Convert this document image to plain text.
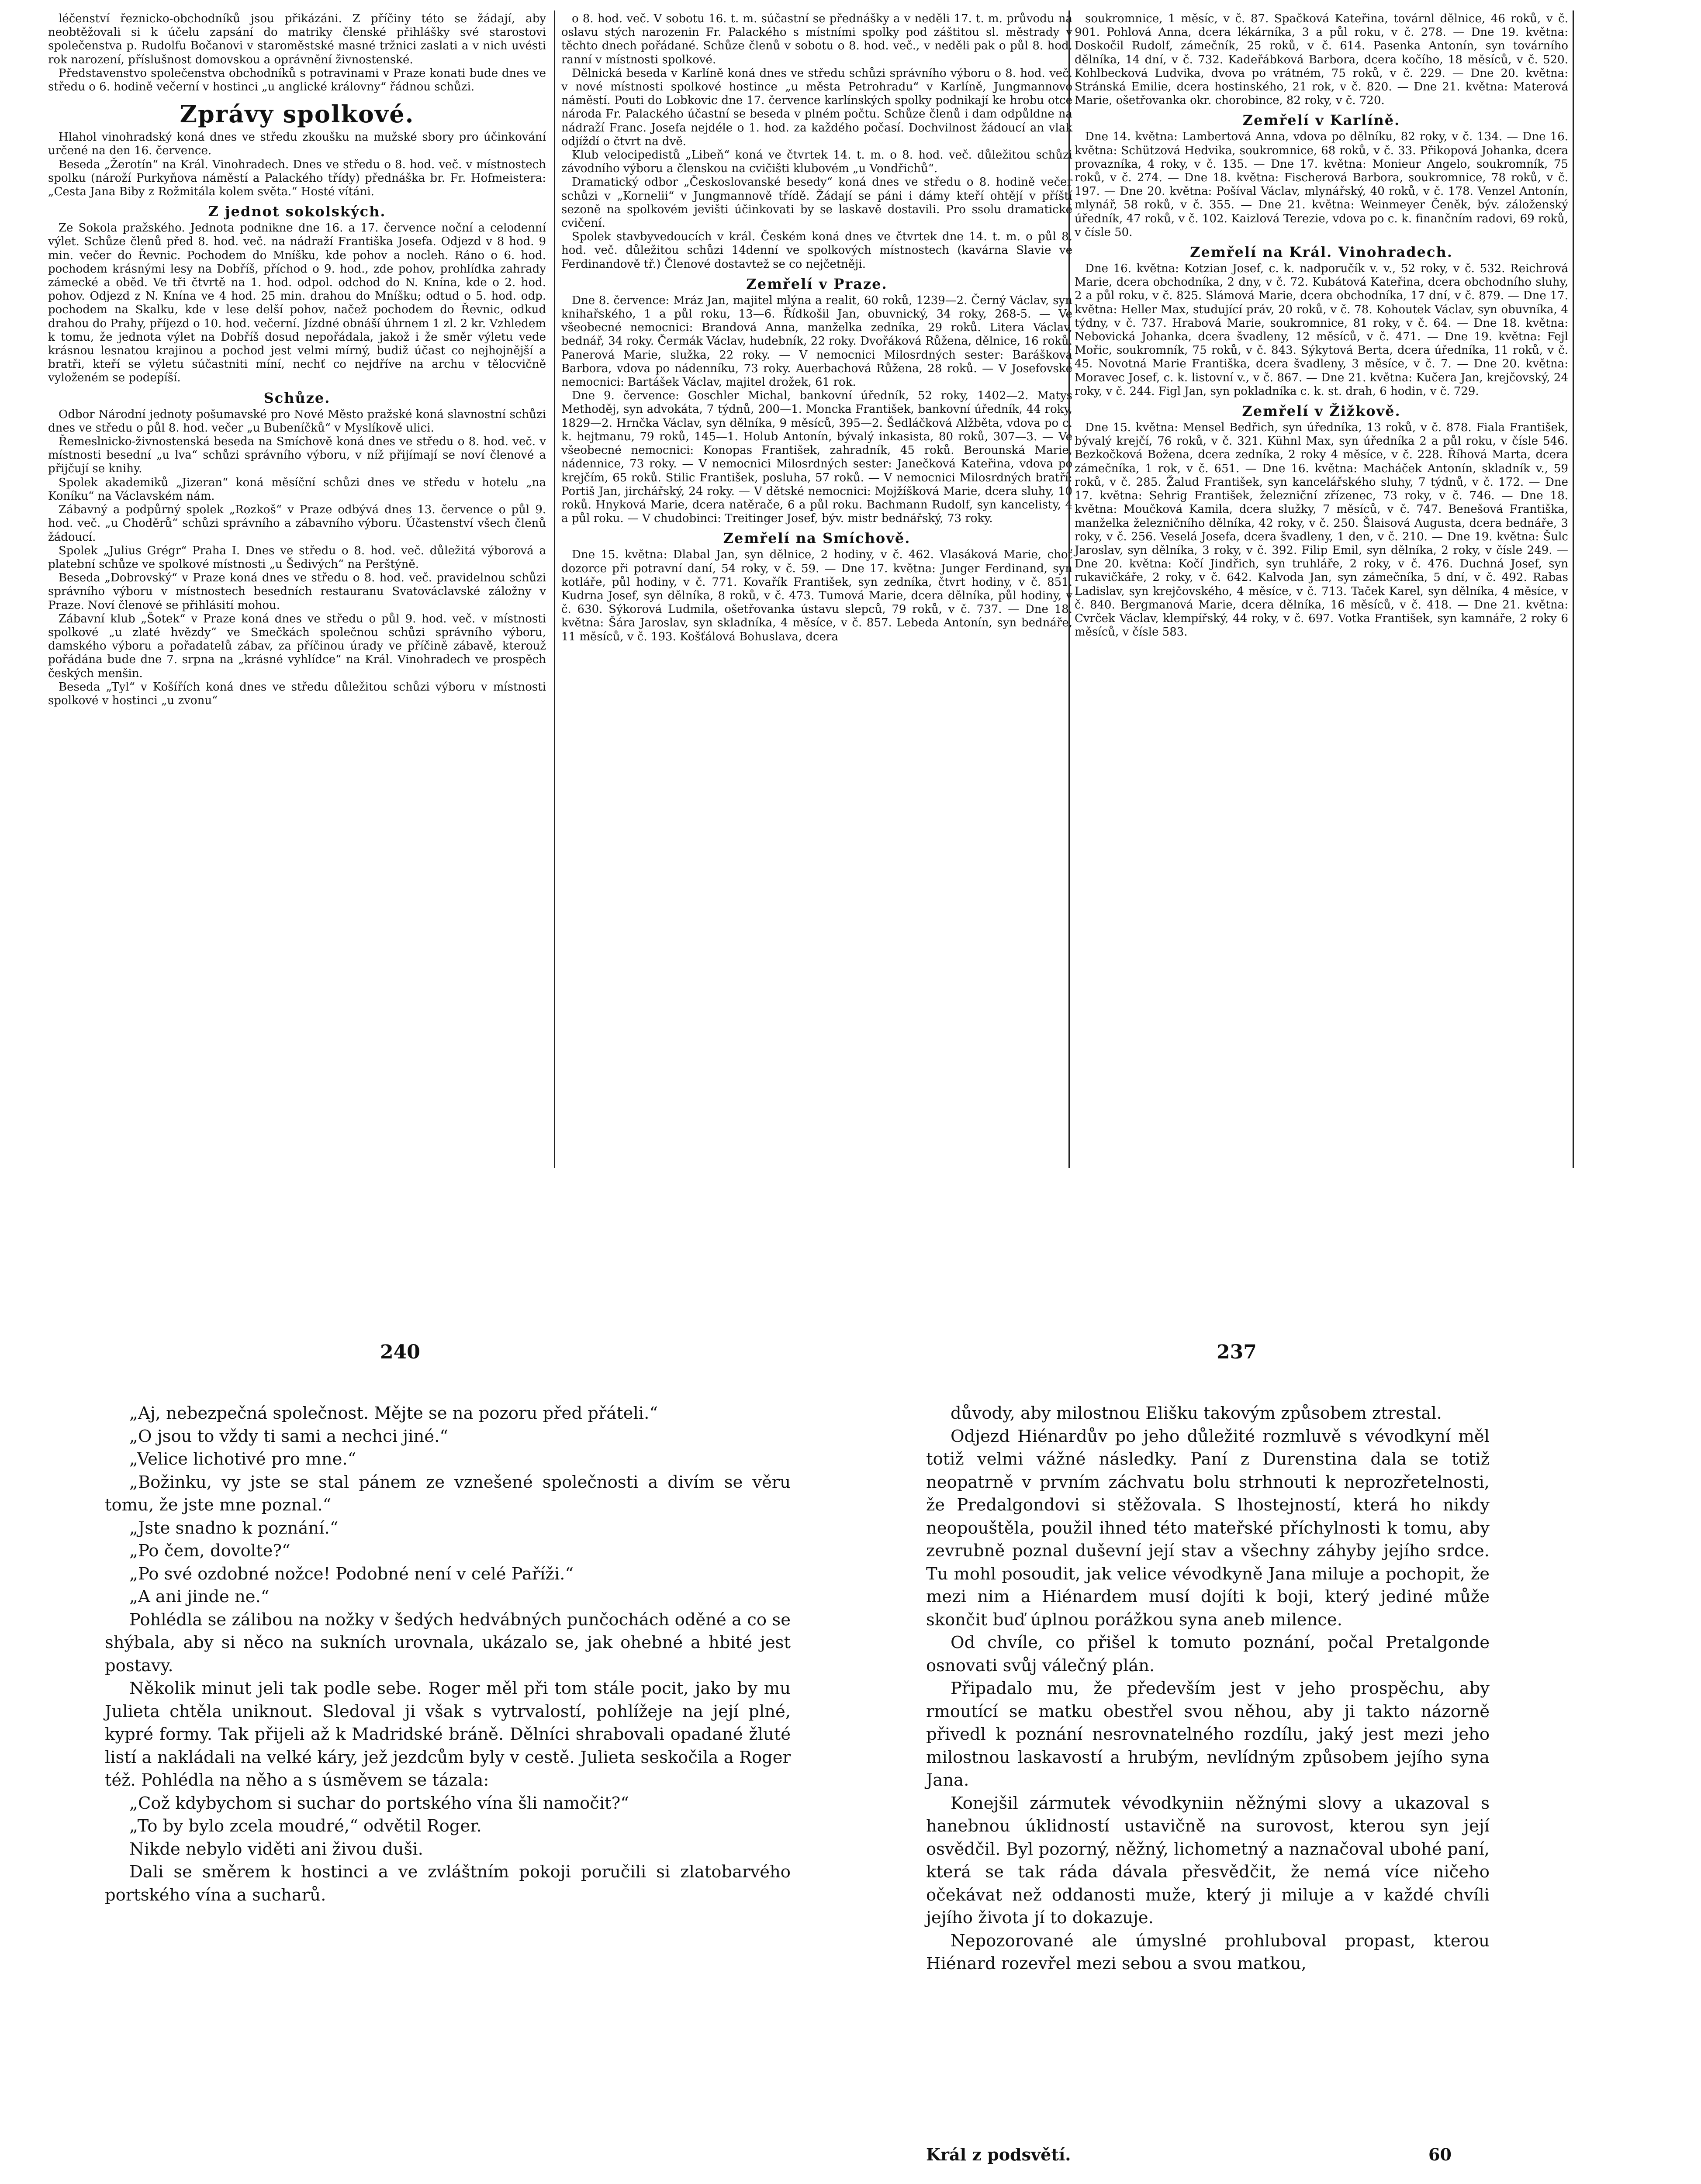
léčenství řeznicko-obchodníků jsou přikázáni. Z příčiny této se žádají, aby neobtěžovali si k účelu zapsání do matriky členské přihlášky své starostovi společenstva p. Rudolfu Bočanovi v staroměstské masné tržnici zaslati a v nich uvésti rok narození, příslušnost domovskou a oprávnění živnostenské.

Představenstvo společenstva obchodníků s potravinami v Praze konati bude dnes ve středu o 6. hodině večerní v hostinci „u anglické královny“ řádnou schůzi.

Zprávy spolkové.

Hlahol vinohradský koná dnes ve středu zkoušku na mužské sbory pro účinkování určené na den 16. července.

Beseda „Žerotín“ na Král. Vinohradech. Dnes ve středu o 8. hod. več. v místnostech spolku (nároží Purkyňova náměstí a Palackého třídy) přednáška br. Fr. Hofmeistera: „Cesta Jana Biby z Rožmitála kolem světa.“ Hosté vítáni.

Z jednot sokolských.

Ze Sokola pražského. Jednota podnikne dne 16. a 17. července noční a celodenní výlet. Schůze členů před 8. hod. več. na nádraží Františka Josefa. Odjezd v 8 hod. 9 min. večer do Řevnic. Pochodem do Mníšku, kde pohov a nocleh. Ráno o 6. hod. pochodem krásnými lesy na Dobříš, příchod o 9. hod., zde pohov, prohlídka zahrady zámecké a oběd. Ve tři čtvrtě na 1. hod. odpol. odchod do N. Knína, kde o 2. hod. pohov. Odjezd z N. Knína ve 4 hod. 25 min. drahou do Mníšku; odtud o 5. hod. odp. pochodem na Skalku, kde v lese delší pohov, načež pochodem do Řevnic, odkud drahou do Prahy, příjezd o 10. hod. večerní. Jízdné obnáší úhrnem 1 zl. 2 kr. Vzhledem k tomu, že jednota výlet na Dobříš dosud nepořádala, jakož i že směr výletu vede krásnou lesnatou krajinou a pochod jest velmi mírný, budiž účast co nejhojnější a bratři, kteří se výletu súčastniti míní, nechť co nejdříve na archu v tělocvičně vyloženém se podepíší.

Schůze.

Odbor Národní jednoty pošumavské pro Nové Město pražské koná slavnostní schůzi dnes ve středu o půl 8. hod. večer „u Bubeníčků“ v Myslíkově ulici.

Řemeslnicko-živnostenská beseda na Smíchově koná dnes ve středu o 8. hod. več. v místnosti besední „u lva“ schůzi správního výboru, v níž přijímají se noví členové a přijčují se knihy.

Spolek akademiků „Jizeran“ koná měsíční schůzi dnes ve středu v hotelu „na Koníku“ na Václavském nám.

Zábavný a podpůrný spolek „Rozkoš“ v Praze odbývá dnes 13. července o půl 9. hod. več. „u Choděrů“ schůzi správního a zábavního výboru. Účastenství všech členů žádoucí.

Spolek „Julius Grégr“ Praha I. Dnes ve středu o 8. hod. več. důležitá výborová a platební schůze ve spolkové místnosti „u Šedivých“ na Perštýně.

Beseda „Dobrovský“ v Praze koná dnes ve středu o 8. hod. več. pravidelnou schůzi správního výboru v místnostech besedních restauranu Svatováclavské záložny v Praze. Noví členové se přihlásití mohou.

Zábavní klub „Šotek“ v Praze koná dnes ve středu o půl 9. hod. več. v místnosti spolkové „u zlaté hvězdy“ ve Smečkách společnou schůzi správního výboru, damského výboru a pořadatelů zábav, za příčinou úrady ve příčině zábavě, kterouž pořádána bude dne 7. srpna na „krásné vyhlídce“ na Král. Vinohradech ve prospěch českých menšin.

Beseda „Tyl“ v Košířích koná dnes ve středu důležitou schůzi výboru v místnosti spolkové v hostinci „u zvonu“

o 8. hod. več. V sobotu 16. t. m. súčastní se přednášky a v neděli 17. t. m. průvodu na oslavu stých narozenin Fr. Palackého s místními spolky pod záštitou sl. městrady v těchto dnech pořádané. Schůze členů v sobotu o 8. hod. več., v neděli pak o půl 8. hod. ranní v místnosti spolkové.

Dělnická beseda v Karlíně koná dnes ve středu schůzi správního výboru o 8. hod. več. v nové místnosti spolkové hostince „u města Petrohradu“ v Karlíně, Jungmannovo náměstí. Pouti do Lobkovic dne 17. července karlínských spolky podnikají ke hrobu otce národa Fr. Palackého účastní se beseda v plném počtu. Schůze členů i dam odpůldne na nádraží Franc. Josefa nejdéle o 1. hod. za každého počasí. Dochvilnost žádoucí an vlak odjíždí o čtvrt na dvě.

Klub velocipedistů „Libeň“ koná ve čtvrtek 14. t. m. o 8. hod. več. důležitou schůzi závodního výboru a členskou na cvičišti klubovém „u Vondřichů“.

Dramatický odbor „Českoslovanské besedy“ koná dnes ve středu o 8. hodině večer schůzi v „Kornelii“ v Jungmannově třídě. Žádají se páni i dámy kteří ohtějí v příští sezoně na spolkovém jevišti účinkovati by se laskavě dostavili. Pro ssolu dramatické cvičení.

Spolek stavbyvedoucích v král. Českém koná dnes ve čtvrtek dne 14. t. m. o půl 8. hod. več. důležitou schůzi 14denní ve spolkových místnostech (kavárna Slavie ve Ferdinandově tř.) Členové dostavtež se co nejčetněji.

Zemřelí v Praze.

Dne 8. července: Mráz Jan, majitel mlýna a realit, 60 roků, 1239—2. Černý Václav, syn knihařského, 1 a půl roku, 13—6. Řídkošil Jan, obuvnický, 34 roky, 268-5. — Ve všeobecné nemocnici: Brandová Anna, manželka zedníka, 29 roků. Litera Václav, bednář, 34 roky. Čermák Václav, hudebník, 22 roky. Dvořáková Růžena, dělnice, 16 roků. Panerová Marie, služka, 22 roky. — V nemocnici Milosrdných sester: Barášková Barbora, vdova po nádenníku, 73 roky. Auerbachová Růžena, 28 roků. — V Josefovské nemocnici: Bartášek Václav, majitel drožek, 61 rok.

Dne 9. července: Goschler Michal, bankovní úředník, 52 roky, 1402—2. Matys Methoděj, syn advokáta, 7 týdnů, 200—1. Moncka František, bankovní úředník, 44 roky, 1829—2. Hrnčka Václav, syn dělníka, 9 měsíců, 395—2. Šedláčková Alžběta, vdova po c. k. hejtmanu, 79 roků, 145—1. Holub Antonín, bývalý inkasista, 80 roků, 307—3. — Ve všeobecné nemocnici: Konopas František, zahradník, 45 roků. Berounská Marie, nádennice, 73 roky. — V nemocnici Milosrdných sester: Janečková Kateřina, vdova po krejčím, 65 roků. Stilic František, posluha, 57 roků. — V nemocnici Milosrdných bratří: Portiš Jan, jirchářský, 24 roky. — V dětské nemocnici: Mojžíšková Marie, dcera sluhy, 10 roků. Hnyková Marie, dcera natěrače, 6 a půl roku. Bachmann Rudolf, syn kancelisty, 4 a půl roku. — V chudobinci: Treitinger Josef, býv. mistr bednářský, 73 roky.

Zemřelí na Smíchově.

Dne 15. května: Dlabal Jan, syn dělnice, 2 hodiny, v č. 462. Vlasáková Marie, choť dozorce při potravní daní, 54 roky, v č. 59. — Dne 17. května: Junger Ferdinand, syn kotláře, půl hodiny, v č. 771. Kovařík František, syn zedníka, čtvrt hodiny, v č. 851. Kudrna Josef, syn dělníka, 8 roků, v č. 473. Tumová Marie, dcera dělníka, půl hodiny, v č. 630. Sýkorová Ludmila, ošetřovanka ústavu slepců, 79 roků, v č. 737. — Dne 18. května: Šára Jaroslav, syn skladníka, 4 měsíce, v č. 857. Lebeda Antonín, syn bednáře, 11 měsíců, v č. 193. Košťálová Bohuslava, dcera

soukromnice, 1 měsíc, v č. 87. Spačková Kateřina, továrnl dělnice, 46 roků, v č. 901. Pohlová Anna, dcera lékárníka, 3 a půl roku, v č. 278. — Dne 19. května: Doskočil Rudolf, zámečník, 25 roků, v č. 614. Pasenka Antonín, syn továrního dělníka, 14 dní, v č. 732. Kadeřábková Barbora, dcera kočího, 18 měsíců, v č. 520. Kohlbecková Ludvika, dvova po vrátném, 75 roků, v č. 229. — Dne 20. května: Stránská Emilie, dcera hostinského, 21 rok, v č. 820. — Dne 21. května: Materová Marie, ošetřovanka okr. chorobince, 82 roky, v č. 720.

Zemřelí v Karlíně.

Dne 14. května: Lambertová Anna, vdova po dělníku, 82 roky, v č. 134. — Dne 16. května: Schützová Hedvika, soukromnice, 68 roků, v č. 33. Přikopová Johanka, dcera provazníka, 4 roky, v č. 135. — Dne 17. května: Monieur Angelo, soukromník, 75 roků, v č. 274. — Dne 18. května: Fischerová Barbora, soukromnice, 78 roků, v č. 197. — Dne 20. května: Pošíval Václav, mlynářský, 40 roků, v č. 178. Venzel Antonín, mlynář, 58 roků, v č. 355. — Dne 21. května: Weinmeyer Čeněk, býv. záloženský úředník, 47 roků, v č. 102. Kaizlová Terezie, vdova po c. k. finančním radovi, 69 roků, v čísle 50.

Zemřelí na Král. Vinohradech.

Dne 16. května: Kotzian Josef, c. k. nadporučík v. v., 52 roky, v č. 532. Reichrová Marie, dcera obchodníka, 2 dny, v č. 72. Kubátová Kateřina, dcera obchodního sluhy, 2 a půl roku, v č. 825. Slámová Marie, dcera obchodníka, 17 dní, v č. 879. — Dne 17. května: Heller Max, studující práv, 20 roků, v č. 78. Kohoutek Václav, syn obuvníka, 4 týdny, v č. 737. Hrabová Marie, soukromnice, 81 roky, v č. 64. — Dne 18. května: Nebovická Johanka, dcera švadleny, 12 měsíců, v č. 471. — Dne 19. května: Fejl Mořic, soukromník, 75 roků, v č. 843. Sýkytová Berta, dcera úředníka, 11 roků, v č. 45. Novotná Marie Františka, dcera švadleny, 3 měsíce, v č. 7. — Dne 20. května: Moravec Josef, c. k. listovní v., v č. 867. — Dne 21. května: Kučera Jan, krejčovský, 24 roky, v č. 244. Figl Jan, syn pokladníka c. k. st. drah, 6 hodin, v č. 729.

Zemřelí v Žižkově.

Dne 15. května: Mensel Bedřich, syn úředníka, 13 roků, v č. 878. Fiala František, bývalý krejčí, 76 roků, v č. 321. Kühnl Max, syn úředníka 2 a půl roku, v čísle 546. Bezkočková Božena, dcera zedníka, 2 roky 4 měsíce, v č. 228. Říhová Marta, dcera zámečníka, 1 rok, v č. 651. — Dne 16. května: Macháček Antonín, skladník v., 59 roků, v č. 285. Žalud František, syn kancelářského sluhy, 7 týdnů, v č. 172. — Dne 17. května: Sehrig František, železniční zřízenec, 73 roky, v č. 746. — Dne 18. května: Moučková Kamila, dcera služky, 7 měsíců, v č. 747. Benešová Františka, manželka železničního dělníka, 42 roky, v č. 250. Šlaisová Augusta, dcera bednáře, 3 roky, v č. 256. Veselá Josefa, dcera švadleny, 1 den, v č. 210. — Dne 19. května: Šulc Jaroslav, syn dělníka, 3 roky, v č. 392. Filip Emil, syn dělníka, 2 roky, v čísle 249. — Dne 20. května: Kočí Jindřich, syn truhláře, 2 roky, v č. 476. Duchná Josef, syn rukavičkáře, 2 roky, v č. 642. Kalvoda Jan, syn zámečníka, 5 dní, v č. 492. Rabas Ladislav, syn krejčovského, 4 měsíce, v č. 713. Taček Karel, syn dělníka, 4 měsíce, v č. 840. Bergmanová Marie, dcera dělníka, 16 měsíců, v č. 418. — Dne 21. května: Cvrček Václav, klempířský, 44 roky, v č. 697. Votka František, syn kamnáře, 2 roky 6 měsíců, v čísle 583.

240	237

„Aj, nebezpečná společnost. Mějte se na pozoru před přáteli.“

„O jsou to vždy ti sami a nechci jiné.“

„Velice lichotivé pro mne.“

„Božinku, vy jste se stal pánem ze vznešené společnosti a divím se věru tomu, že jste mne poznal.“

„Jste snadno k poznání.“

„Po čem, dovolte?“

„Po své ozdobné nožce! Podobné není v celé Paříži.“

„A ani jinde ne.“

Pohlédla se zálibou na nožky v šedých hedvábných punčochách oděné a co se shýbala, aby si něco na sukních urovnala, ukázalo se, jak ohebné a hbité jest postavy.

Několik minut jeli tak podle sebe. Roger měl při tom stále pocit, jako by mu Julieta chtěla uniknout. Sledoval ji však s vytrvalostí, pohlížeje na její plné, kypré formy. Tak přijeli až k Madridské bráně. Dělníci shrabovali opadané žluté listí a nakládali na velké káry, jež jezdcům byly v cestě. Julieta seskočila a Roger též. Pohlédla na něho a s úsměvem se tázala:

„Což kdybychom si suchar do portského vína šli namočit?“

„To by bylo zcela moudré,“ odvětil Roger.

Nikde nebylo viděti ani živou duši.

Dali se směrem k hostinci a ve zvláštním pokoji poručili si zlatobarvého portského vína a sucharů.

důvody, aby milostnou Elišku takovým způsobem ztrestal.

Odjezd Hiénardův po jeho důležité rozmluvě s vévodkyní měl totiž velmi vážné následky. Paní z Durenstina dala se totiž neopatrně v prvním záchvatu bolu strhnouti k neprozřetelnosti, že Predalgondovi si stěžovala. S lhostejností, která ho nikdy neopouštěla, použil ihned této mateřské příchylnosti k tomu, aby zevrubně poznal duševní její stav a všechny záhyby jejího srdce. Tu mohl posoudit, jak velice vévodkyně Jana miluje a pochopit, že mezi nim a Hiénardem musí dojíti k boji, který jediné může skončit buď úplnou porážkou syna aneb milence.

Od chvíle, co přišel k tomuto poznání, počal Pretalgonde osnovati svůj válečný plán.

Připadalo mu, že především jest v jeho prospěchu, aby rmoutící se matku obestřel svou něhou, aby ji takto názorně přivedl k poznání nesrovnatelného rozdílu, jaký jest mezi jeho milostnou laskavostí a hrubým, nevlídným způsobem jejího syna Jana.

Konejšil zármutek vévodkyniin něžnými slovy a ukazoval s hanebnou úklidností ustavičně na surovost, kterou syn její osvědčil. Byl pozorný, něžný, lichometný a naznačoval ubohé paní, která se tak ráda dávala přesvědčit, že nemá více ničeho očekávat než oddanosti muže, který ji miluje a v každé chvíli jejího života jí to dokazuje.

Nepozorované ale úmyslné prohluboval propast, kterou Hiénard rozevřel mezi sebou a svou matkou,

Král z podsvětí.	60
